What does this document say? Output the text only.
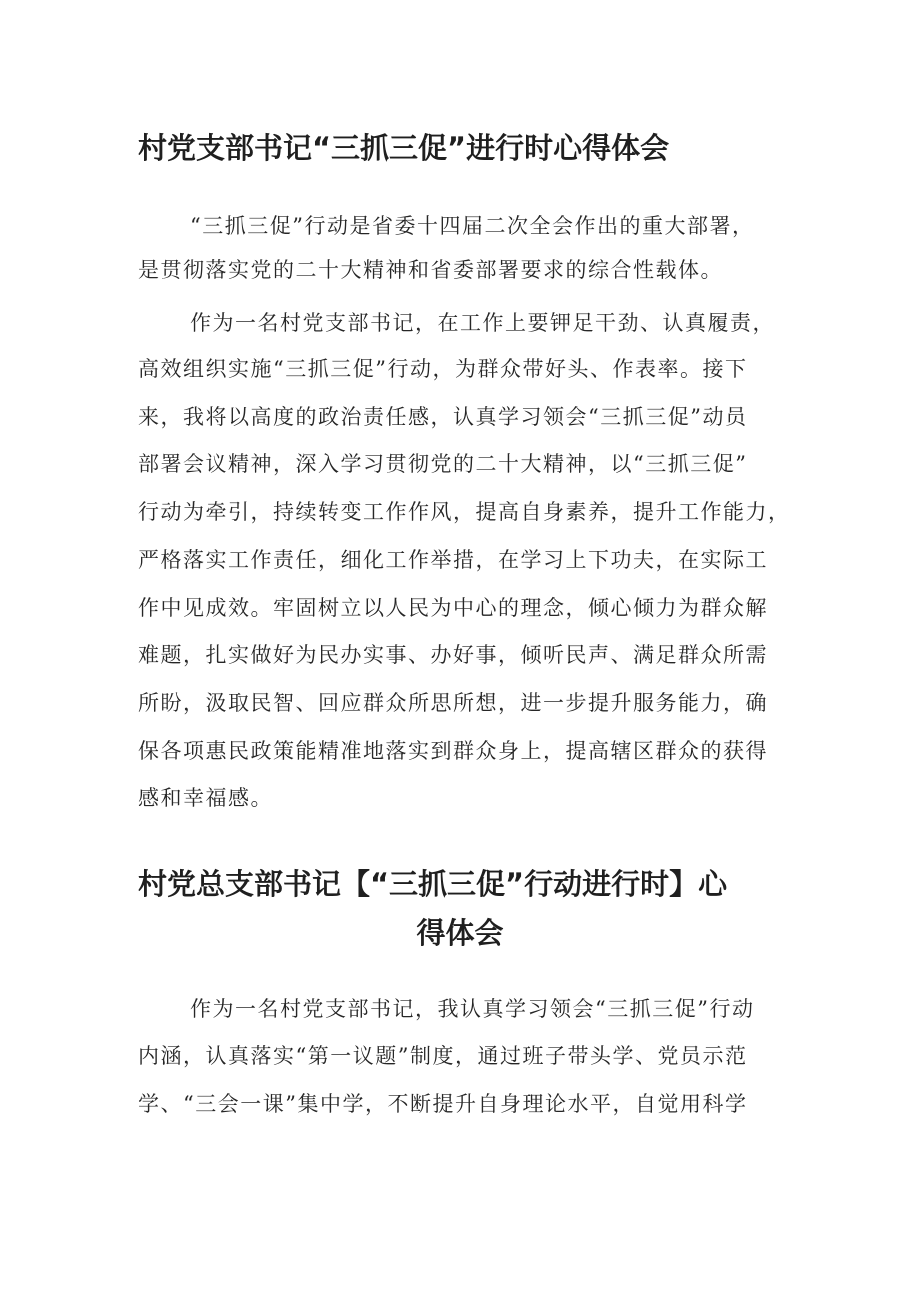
村党支部书记“三抓三促”进行时心得体会

“三抓三促”行动是省委十四届二次全会作出的重大部署，

是贯彻落实党的二十大精神和省委部署要求的综合性载体。

作为一名村党支部书记，在工作上要钾足干劲、认真履责，

高效组织实施“三抓三促”行动，为群众带好头、作表率。接下

来，我将以高度的政治责任感，认真学习领会“三抓三促”动员

部署会议精神，深入学习贯彻党的二十大精神，以“三抓三促”

行动为牵引，持续转变工作作风，提高自身素养，提升工作能力，

严格落实工作责任，细化工作举措，在学习上下功夫，在实际工

作中见成效。牢固树立以人民为中心的理念，倾心倾力为群众解

难题，扎实做好为民办实事、办好事，倾听民声、满足群众所需

所盼，汲取民智、回应群众所思所想，进一步提升服务能力，确

保各项惠民政策能精准地落实到群众身上，提高辖区群众的获得

感和幸福感。

村党总支部书记【“三抓三促”行动进行时】心
得体会

作为一名村党支部书记，我认真学习领会“三抓三促”行动

内涵，认真落实“第一议题”制度，通过班子带头学、党员示范

学、“三会一课”集中学，不断提升自身理论水平，自觉用科学
